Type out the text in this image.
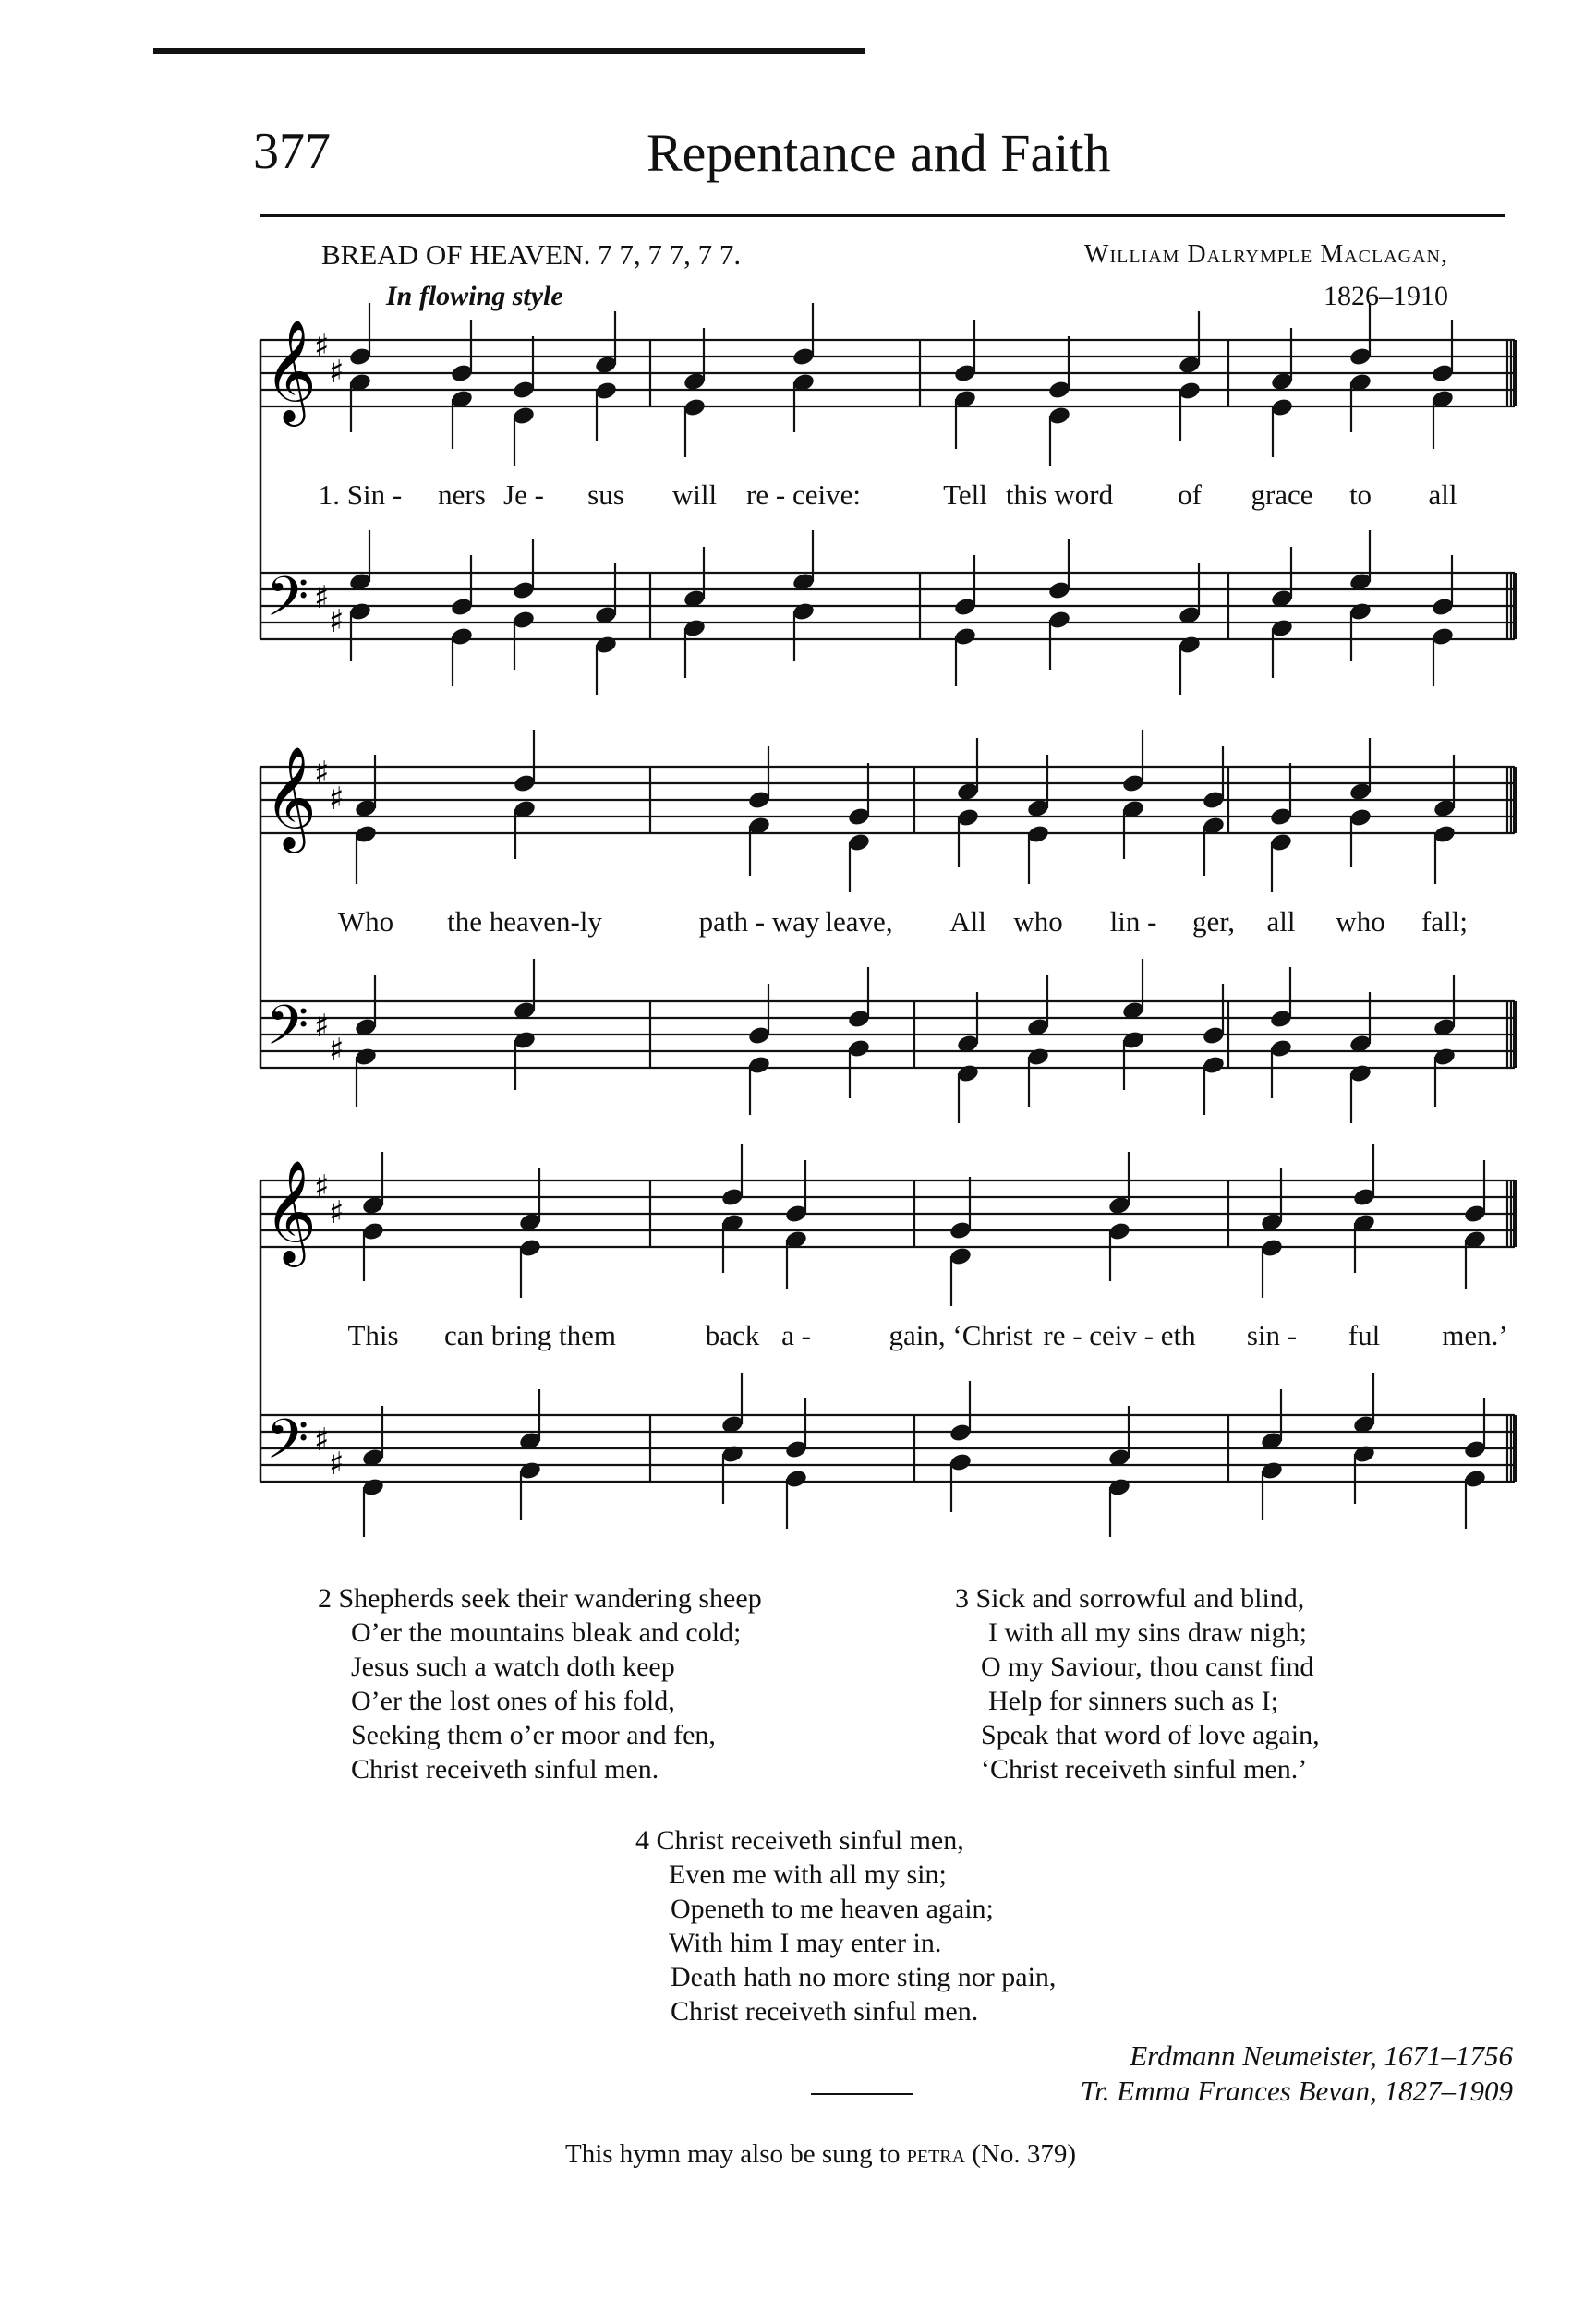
377	Repentance and Faith
BREAD OF HEAVEN. 7 7, 7 7, 7 7.
In flowing style
William Dalrymple Maclagan,
1826–1910
𝄞
♯
♯
𝄢 ♯
♯
𝄞
♯
♯
𝄢 ♯
♯
𝄞
♯
♯
𝄢 ♯
♯
1. Sin - ners Je - sus will re - ceive:	Tell this word of grace to all
Who the heaven-ly	path - way leave, All who lin - ger, all who fall;
This can bring them	back a -	gain, ‘Christ re - ceiv - eth sin - ful men.’
2 Shepherds seek their wandering sheep
O’er the mountains bleak and cold;
Jesus such a watch doth keep
O’er the lost ones of his fold,
Seeking them o’er moor and fen,
Christ receiveth sinful men.
3 Sick and sorrowful and blind,
I with all my sins draw nigh;
O my Saviour, thou canst find
Help for sinners such as I;
Speak that word of love again,
‘Christ receiveth sinful men.’
4 Christ receiveth sinful men,
Even me with all my sin;
Openeth to me heaven again;
With him I may enter in.
Death hath no more sting nor pain,
Christ receiveth sinful men.
Erdmann Neumeister, 1671–1756
Tr. Emma Frances Bevan, 1827–1909
This hymn may also be sung to petra (No. 379)
